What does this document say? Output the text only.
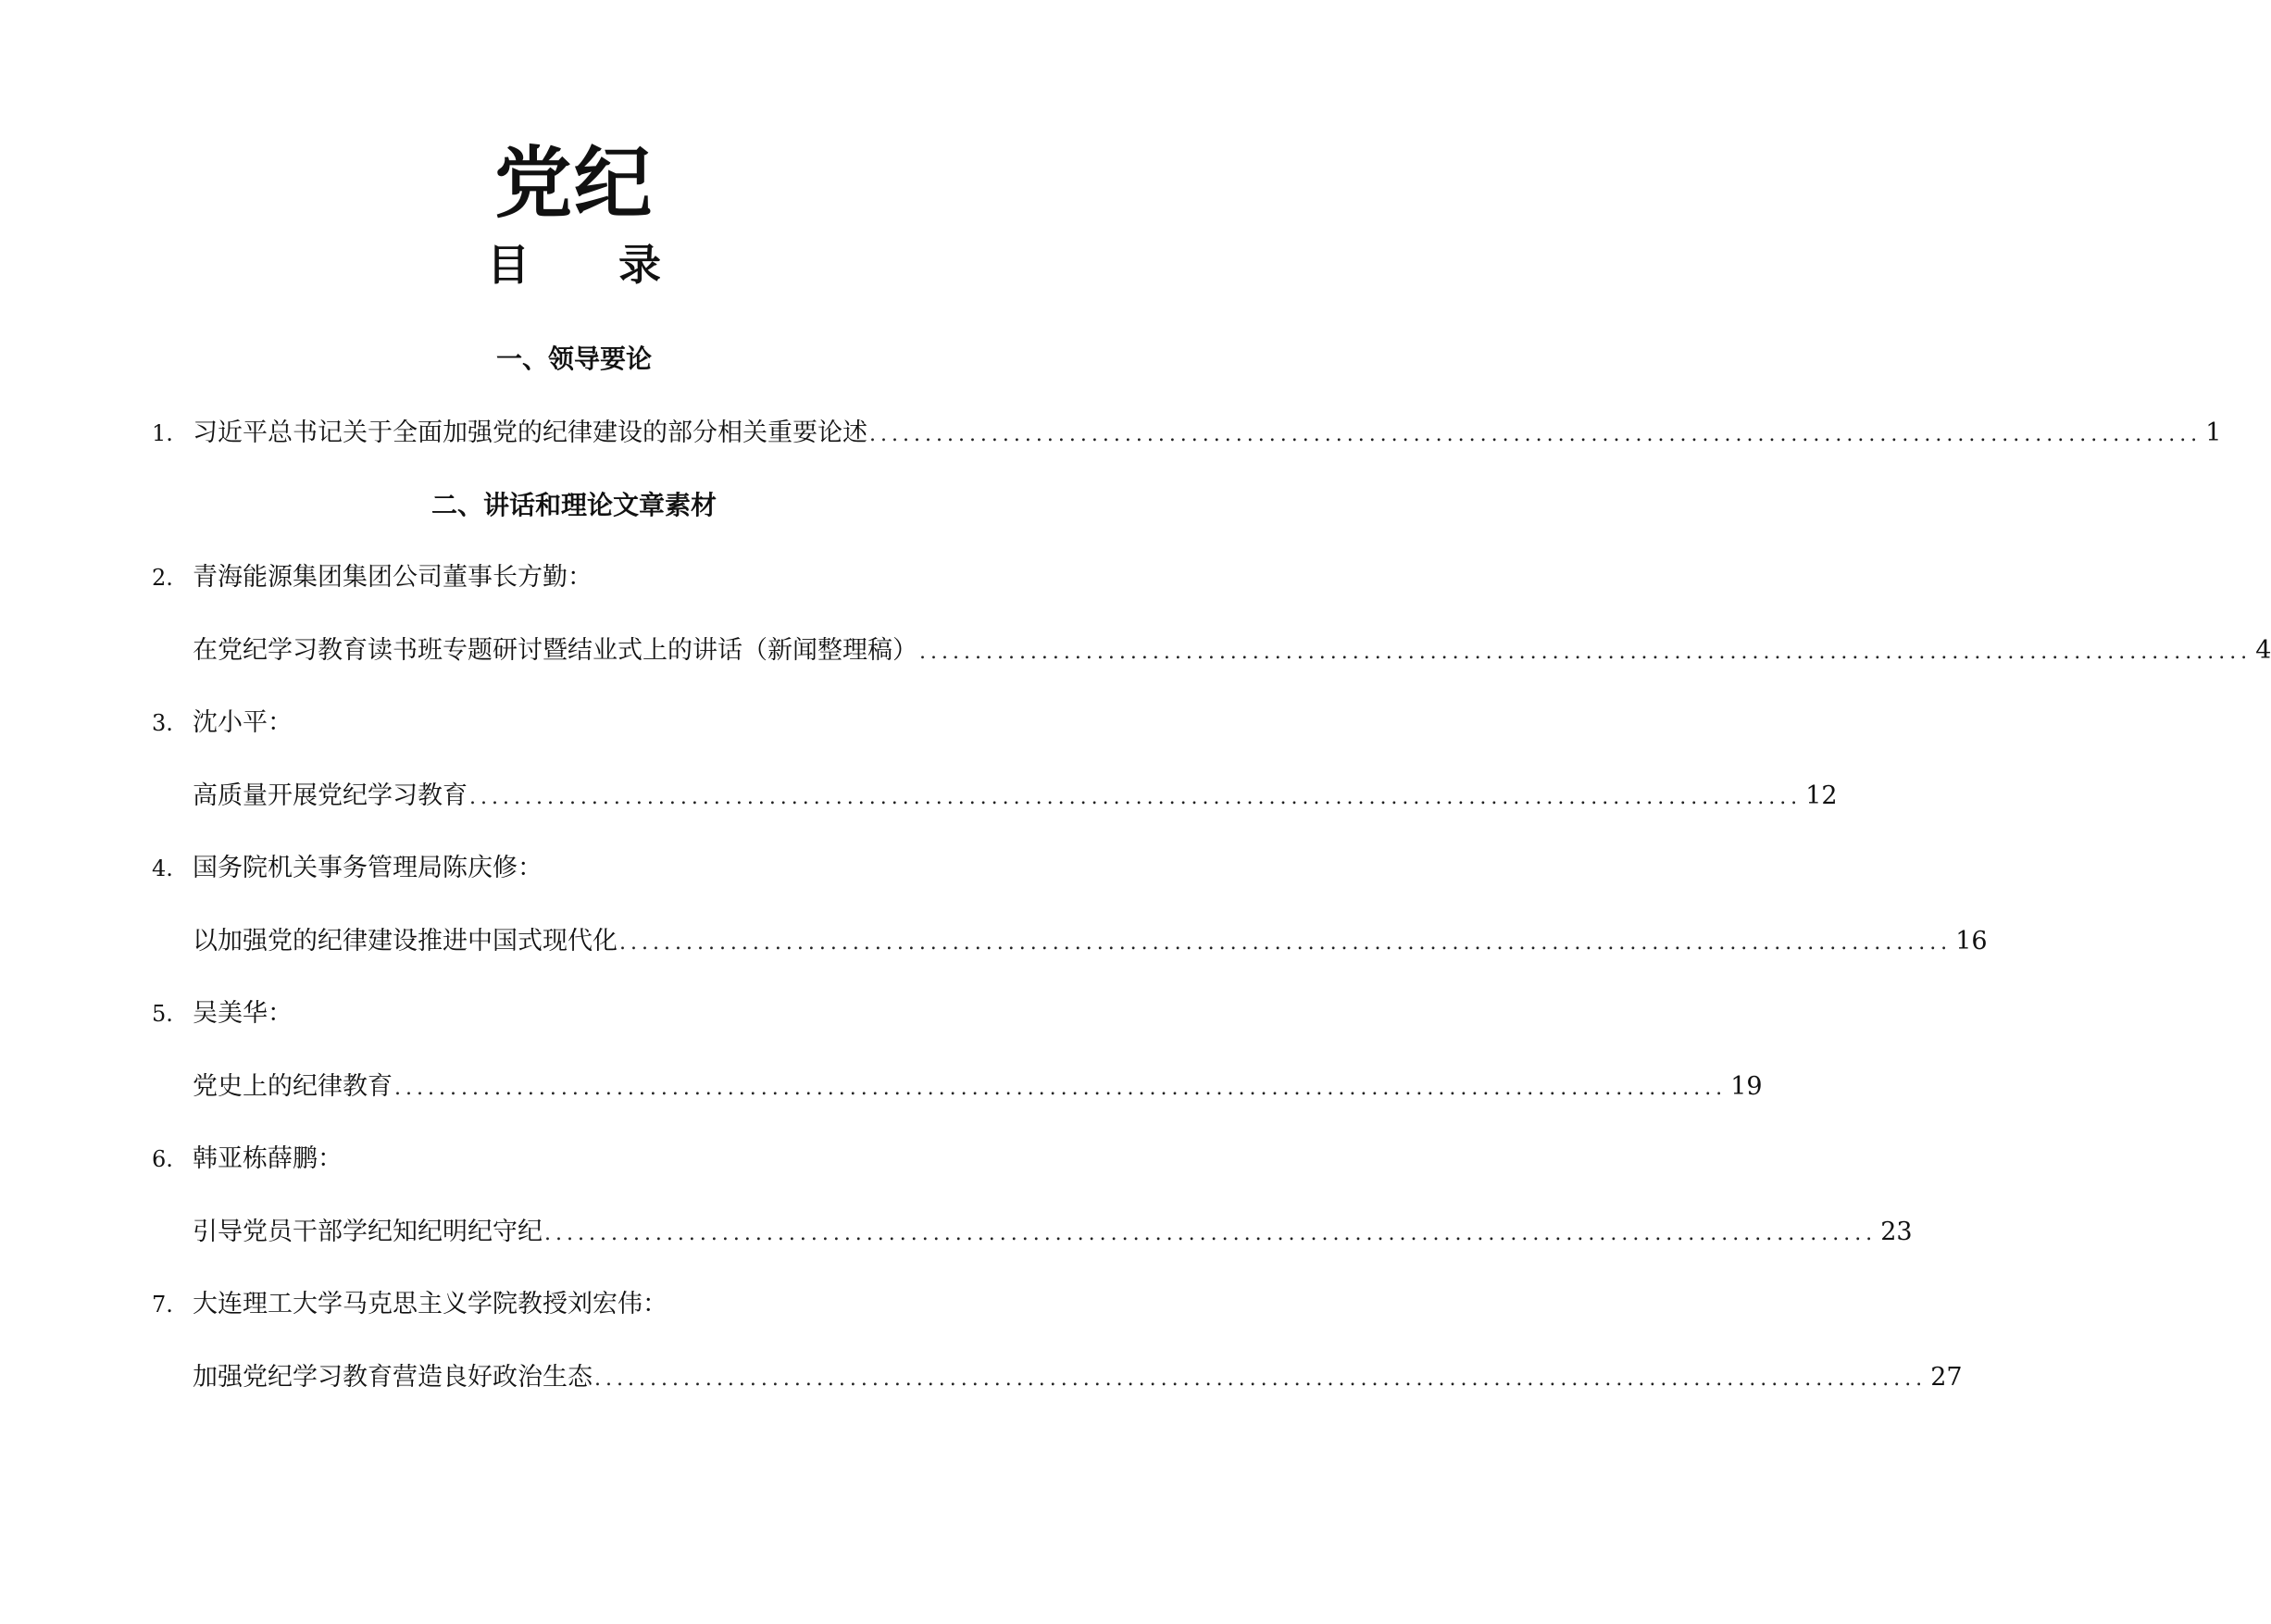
党纪
目 录
一、领导要论
1. 习近平总书记关于全面加强党的纪律建设的部分相关重要论述 ........................................................................................................................ 1
二、讲话和理论文章素材
2. 青海能源集团集团公司董事长方勤：
在党纪学习教育读书班专题研讨暨结业式上的讲话（新闻整理稿） ........................................................................................................................ 4
3. 沈小平：
高质量开展党纪学习教育 ........................................................................................................................ 12
4. 国务院机关事务管理局陈庆修：
以加强党的纪律建设推进中国式现代化 ........................................................................................................................ 16
5. 吴美华：
党史上的纪律教育 ........................................................................................................................ 19
6. 韩亚栋薛鹏：
引导党员干部学纪知纪明纪守纪 ........................................................................................................................ 23
7. 大连理工大学马克思主义学院教授刘宏伟：
加强党纪学习教育营造良好政治生态 ........................................................................................................................ 27
